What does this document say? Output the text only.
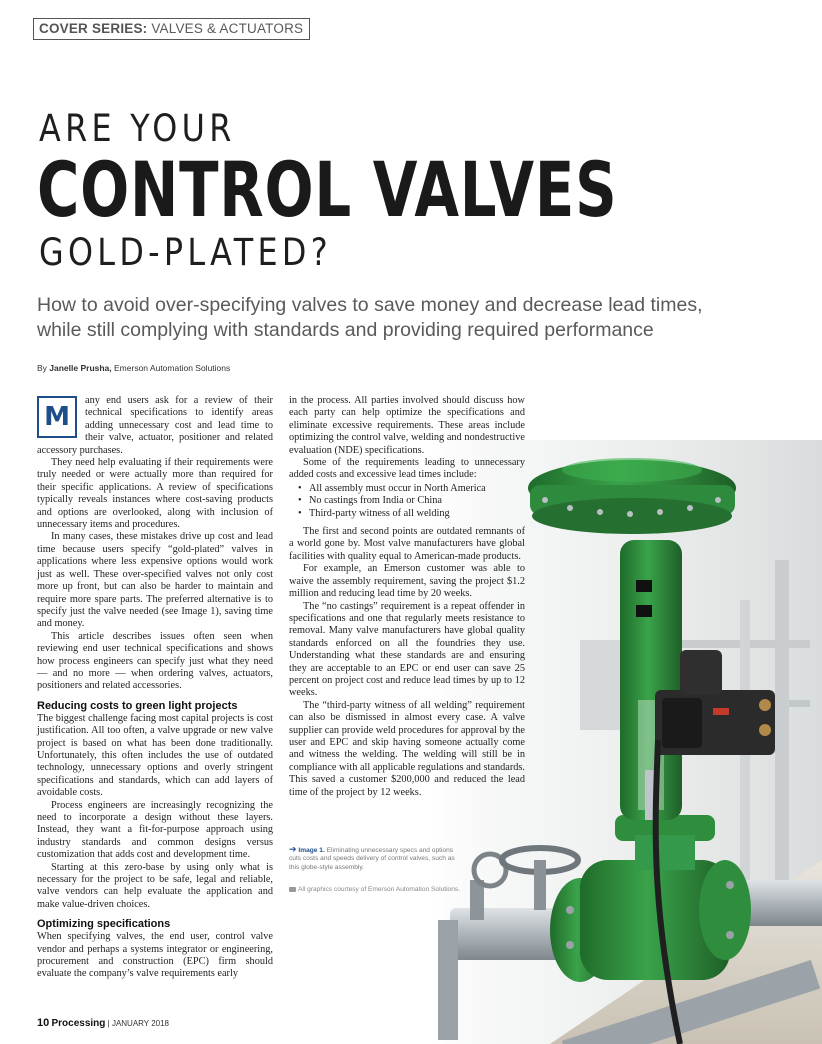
COVER SERIES: VALVES & ACTUATORS
ARE YOUR
CONTROL VALVES
GOLD-PLATED?
How to avoid over-specifying valves to save money and decrease lead times,
while still complying with standards and providing required performance
By Janelle Prusha, Emerson Automation Solutions
M

any end users ask for a review of their technical specifications to identify areas adding unnecessary cost and lead time to their valve, actuator, positioner and related accessory purchases.

They need help evaluating if their requirements were truly needed or were actually more than required for their specific applications. A review of specifications typically reveals instances where cost-saving products and options are overlooked, along with inclusion of unnecessary items and procedures.

In many cases, these mistakes drive up cost and lead time because users specify “gold-plated” valves in applications where less expensive options would work just as well. These over-specified valves not only cost more up front, but can also be harder to maintain and require more spare parts. The preferred alternative is to specify just the valve needed (see Image 1), saving time and money.

This article describes issues often seen when reviewing end user technical specifications and shows how process engineers can specify just what they need — and no more — when ordering valves, actuators, positioners and related accessories.

Reducing costs to green light projects

The biggest challenge facing most capital projects is cost justification. All too often, a valve upgrade or new valve project is based on what has been done traditionally. Unfortunately, this often includes the use of outdated technology, unnecessary options and overly stringent specifications and standards, which can add layers of avoidable costs.

Process engineers are increasingly recognizing the need to incorporate a design without these layers. Instead, they want a fit-for-purpose approach using industry standards and common designs versus customization that adds cost and development time.

Starting at this zero-base by using only what is necessary for the project to be safe, legal and reliable, valve vendors can help evaluate the application and make value-driven choices.

Optimizing specifications

When specifying valves, the end user, control valve vendor and perhaps a systems integrator or engineering, procurement and construction (EPC) firm should evaluate the company’s valve requirements early

in the process. All parties involved should discuss how each party can help optimize the specifications and eliminate excessive requirements. These areas include optimizing the control valve, welding and nondestructive evaluation (NDE) specifications.

Some of the requirements leading to unnecessary added costs and excessive lead times include:

• All assembly must occur in North America
• No castings from India or China
• Third-party witness of all welding

The first and second points are outdated remnants of a world gone by. Most valve manufacturers have global facilities with quality equal to American-made products.

For example, an Emerson customer was able to waive the assembly requirement, saving the project $1.2 million and reducing lead time by 20 weeks.

The “no castings” requirement is a repeat offender in specifications and one that regularly meets resistance to removal. Many valve manufacturers have global quality standards enforced on all the foundries they use. Understanding what these standards are and ensuring they are acceptable to an EPC or end user can save 25 percent on project cost and reduce lead times by up to 12 weeks.

The “third-party witness of all welding” requirement can also be dismissed in almost every case. A valve supplier can provide weld procedures for approval by the user and EPC and skip having someone actually come and witness the welding. The welding will still be in compliance with all applicable regulations and standards. This saved a customer $200,000 and reduced the lead time of the project by 12 weeks.

➔ Image 1. Eliminating unnecessary specs and options cuts costs and speeds delivery of control valves, such as this globe-style assembly.
All graphics courtesy of Emerson Automation Solutions.
10 Processing | JANUARY 2018
